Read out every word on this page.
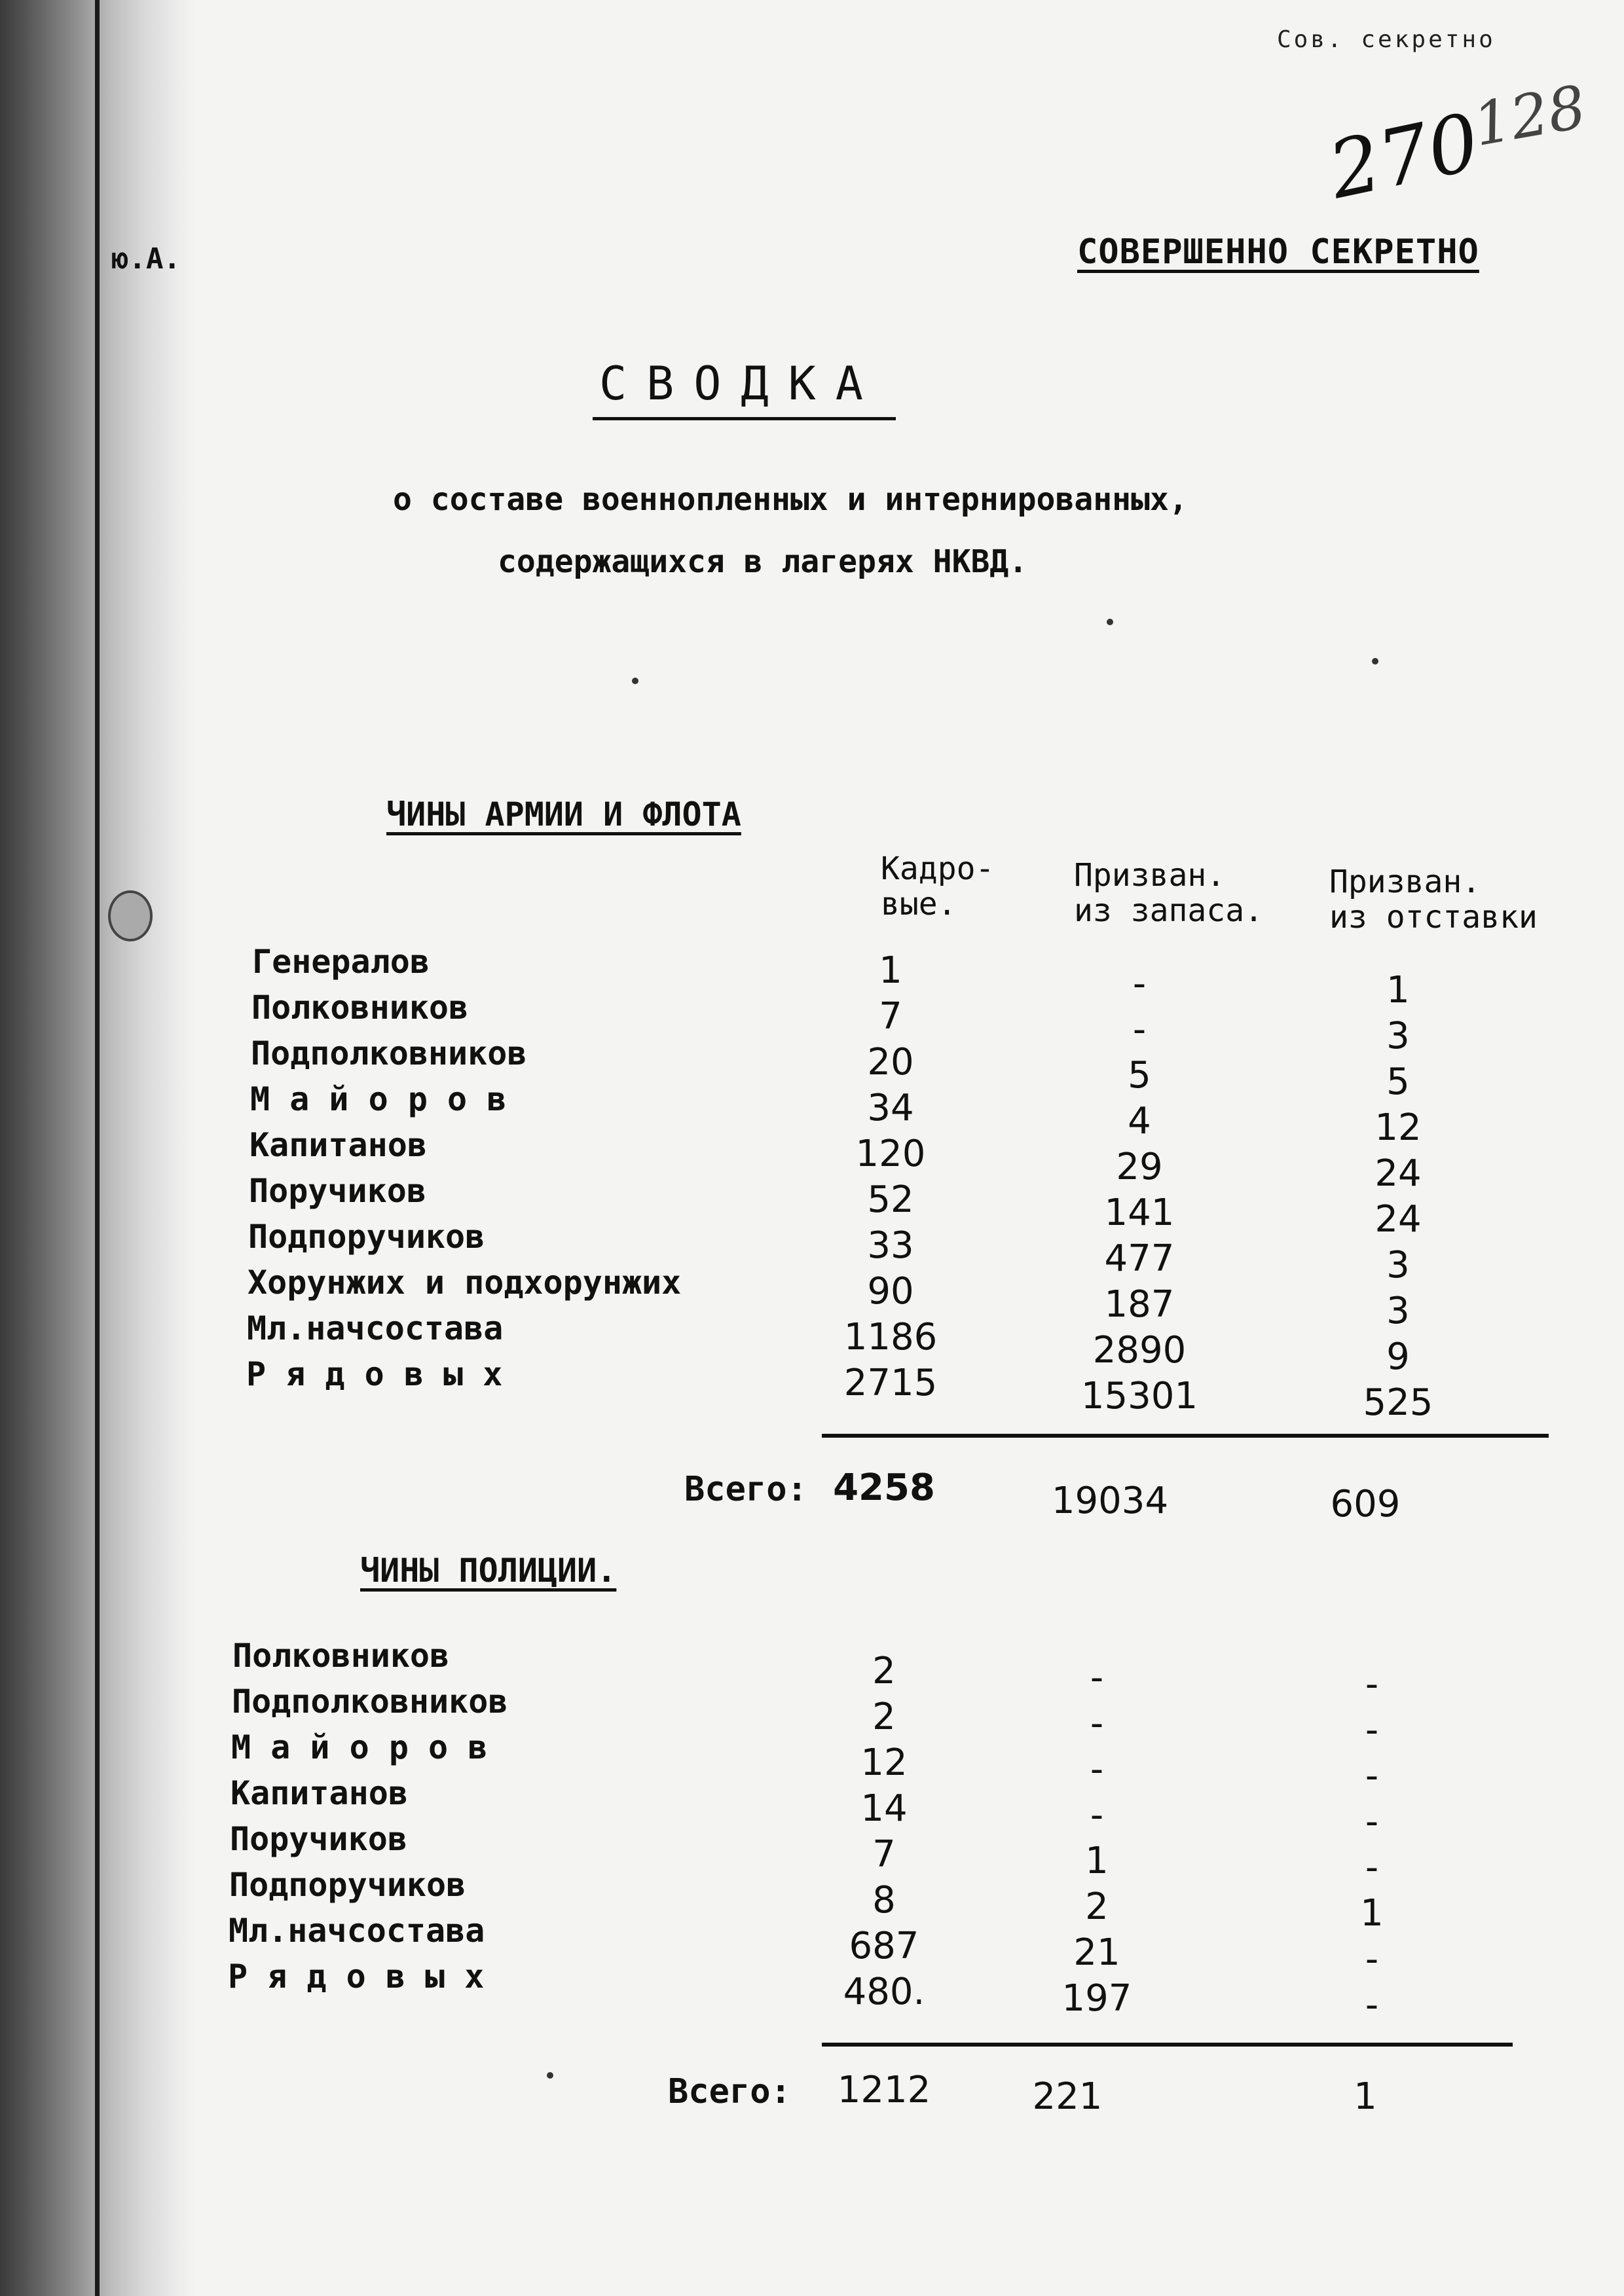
ю.А.
Сов. секретно
270
128
СОВЕРШЕННО СЕКРЕТНО
СВОДКА
о составе военнопленных и интернированных,
содержащихся в лагерях НКВД.
ЧИНЫ АРМИИ И ФЛОТА
Кадро-
вые.
Призван.
из запаса.
Призван.
из отставки
Генералов	1	-	1
Полковников	7	-	3
Подполковников	20	5	5
М а й о р о в	34	4	12
Капитанов	120	29	24
Поручиков	52	141	24
Подпоручиков	33	477	3
Хорунжих и подхорунжих	90	187	3
Мл.начсостава	1186	2890	9
Р я д о в ы х	2715	15301	525
Всего: 4258	19034	609
ЧИНЫ ПОЛИЦИИ.
Полковников	2	-	-
Подполковников	2	-	-
М а й о р о в	12	-	-
Капитанов	14	-	-
Поручиков	7	1	-
Подпоручиков	8	2	1
Мл.начсостава	687	21	-
Р я д о в ы х	480.	197	-
Всего:	1212	221	1
